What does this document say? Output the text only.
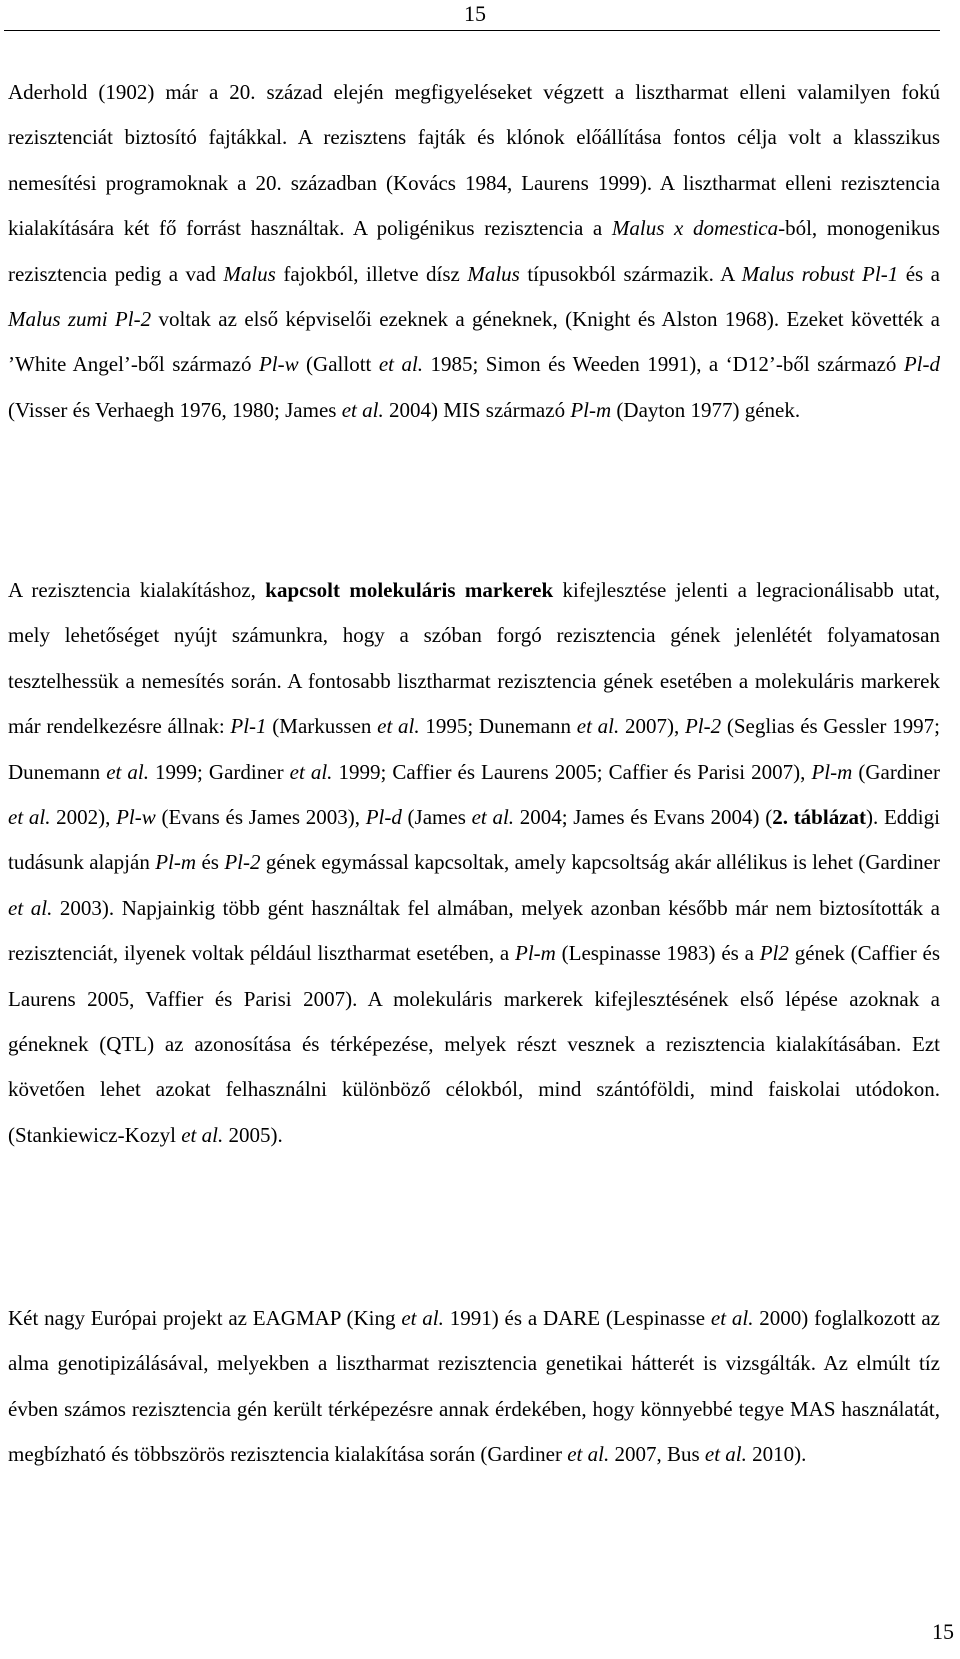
15

Aderhold (1902) már a 20. század elején megfigyeléseket végzett a lisztharmat elleni valamilyen fokú rezisztenciát biztosító fajtákkal. A rezisztens fajták és klónok előállítása fontos célja volt a klasszikus nemesítési programoknak a 20. században (Kovács 1984, Laurens 1999). A lisztharmat elleni rezisztencia kialakítására két fő forrást használtak. A poligénikus rezisztencia a Malus x domestica-ból, monogenikus rezisztencia pedig a vad Malus fajokból, illetve dísz Malus típusokból származik. A Malus robust Pl-1 és a Malus zumi Pl-2 voltak az első képviselői ezeknek a géneknek, (Knight és Alston 1968). Ezeket követték a ’White Angel’-ből származó Pl-w (Gallott et al. 1985; Simon és Weeden 1991), a ‘D12’-ből származó Pl-d (Visser és Verhaegh 1976, 1980; James et al. 2004) MIS származó Pl-m (Dayton 1977) gének.

A rezisztencia kialakításhoz, kapcsolt molekuláris markerek kifejlesztése jelenti a legracionálisabb utat, mely lehetőséget nyújt számunkra, hogy a szóban forgó rezisztencia gének jelenlétét folyamatosan tesztelhessük a nemesítés során. A fontosabb lisztharmat rezisztencia gének esetében a molekuláris markerek már rendelkezésre állnak: Pl-1 (Markussen et al. 1995; Dunemann et al. 2007), Pl-2 (Seglias és Gessler 1997; Dunemann et al. 1999; Gardiner et al. 1999; Caffier és Laurens 2005; Caffier és Parisi 2007), Pl-m (Gardiner et al. 2002), Pl-w (Evans és James 2003), Pl-d (James et al. 2004; James és Evans 2004) (2. táblázat). Eddigi tudásunk alapján Pl-m és Pl-2 gének egymással kapcsoltak, amely kapcsoltság akár allélikus is lehet (Gardiner et al. 2003). Napjainkig több gént használtak fel almában, melyek azonban később már nem biztosították a rezisztenciát, ilyenek voltak például lisztharmat esetében, a Pl-m (Lespinasse 1983) és a Pl2 gének (Caffier és Laurens 2005, Vaffier és Parisi 2007). A molekuláris markerek kifejlesztésének első lépése azoknak a géneknek (QTL) az azonosítása és térképezése, melyek részt vesznek a rezisztencia kialakításában. Ezt követően lehet azokat felhasználni különböző célokból, mind szántóföldi, mind faiskolai utódokon. (Stankiewicz-Kozyl et al. 2005).

Két nagy Európai projekt az EAGMAP (King et al. 1991) és a DARE (Lespinasse et al. 2000) foglalkozott az alma genotipizálásával, melyekben a lisztharmat rezisztencia genetikai hátterét is vizsgálták. Az elmúlt tíz évben számos rezisztencia gén került térképezésre annak érdekében, hogy könnyebbé tegye MAS használatát, megbízható és többszörös rezisztencia kialakítása során (Gardiner et al. 2007, Bus et al. 2010).

15
